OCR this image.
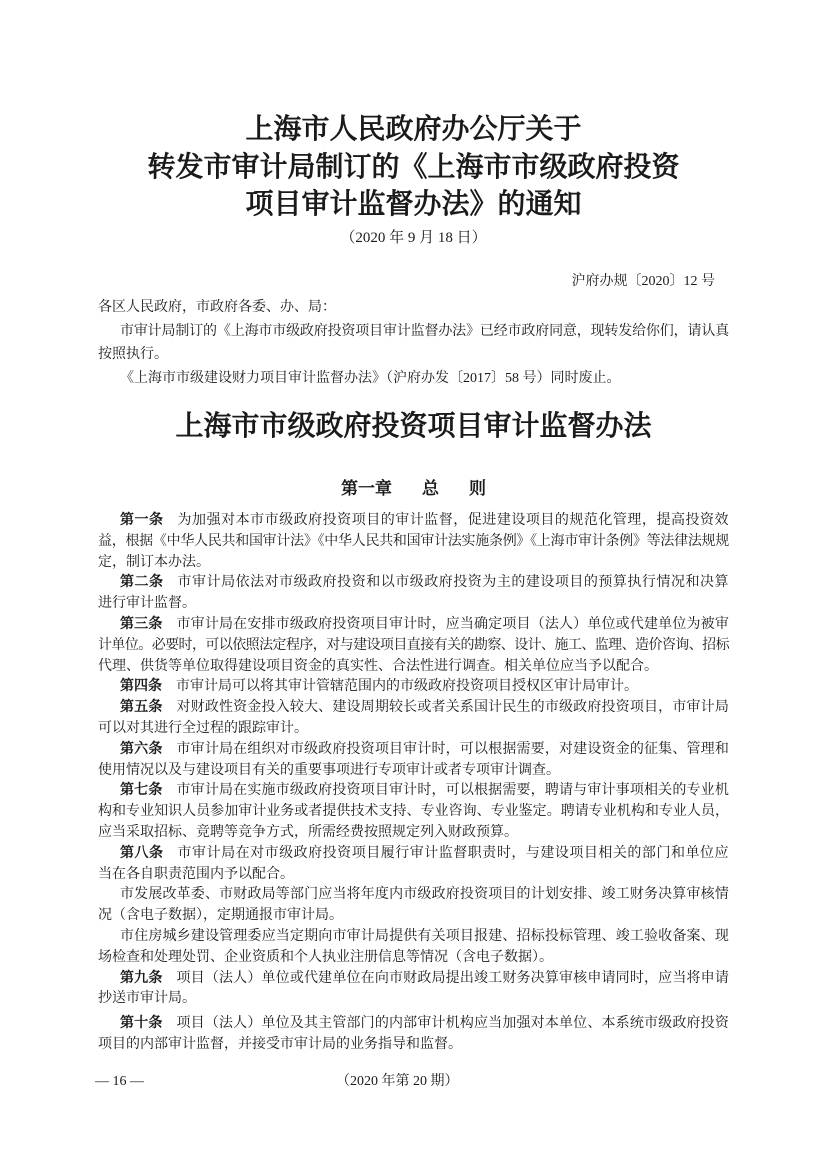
上海市人民政府办公厅关于
转发市审计局制订的《上海市市级政府投资
项目审计监督办法》的通知
（2020 年 9 月 18 日）
沪府办规〔2020〕12 号
各区人民政府，市政府各委、办、局：
市审计局制订的《上海市市级政府投资项目审计监督办法》已经市政府同意，现转发给你们，请认真
按照执行。
《上海市市级建设财力项目审计监督办法》（沪府办发〔2017〕58 号）同时废止。
上海市市级政府投资项目审计监督办法
第一章 总 则
第一条 为加强对本市市级政府投资项目的审计监督，促进建设项目的规范化管理，提高投资效
益，根据《中华人民共和国审计法》《中华人民共和国审计法实施条例》《上海市审计条例》等法律法规规
定，制订本办法。
第二条 市审计局依法对市级政府投资和以市级政府投资为主的建设项目的预算执行情况和决算
进行审计监督。
第三条 市审计局在安排市级政府投资项目审计时，应当确定项目（法人）单位或代建单位为被审
计单位。必要时，可以依照法定程序，对与建设项目直接有关的勘察、设计、施工、监理、造价咨询、招标
代理、供货等单位取得建设项目资金的真实性、合法性进行调查。相关单位应当予以配合。
第四条 市审计局可以将其审计管辖范围内的市级政府投资项目授权区审计局审计。
第五条 对财政性资金投入较大、建设周期较长或者关系国计民生的市级政府投资项目，市审计局
可以对其进行全过程的跟踪审计。
第六条 市审计局在组织对市级政府投资项目审计时，可以根据需要，对建设资金的征集、管理和
使用情况以及与建设项目有关的重要事项进行专项审计或者专项审计调查。
第七条 市审计局在实施市级政府投资项目审计时，可以根据需要，聘请与审计事项相关的专业机
构和专业知识人员参加审计业务或者提供技术支持、专业咨询、专业鉴定。聘请专业机构和专业人员，
应当采取招标、竞聘等竞争方式，所需经费按照规定列入财政预算。
第八条 市审计局在对市级政府投资项目履行审计监督职责时，与建设项目相关的部门和单位应
当在各自职责范围内予以配合。
市发展改革委、市财政局等部门应当将年度内市级政府投资项目的计划安排、竣工财务决算审核情
况（含电子数据），定期通报市审计局。
市住房城乡建设管理委应当定期向市审计局提供有关项目报建、招标投标管理、竣工验收备案、现
场检查和处理处罚、企业资质和个人执业注册信息等情况（含电子数据）。
第九条 项目（法人）单位或代建单位在向市财政局提出竣工财务决算审核申请同时，应当将申请
抄送市审计局。
第十条 项目（法人）单位及其主管部门的内部审计机构应当加强对本单位、本系统市级政府投资
项目的内部审计监督，并接受市审计局的业务指导和监督。
— 16 —	（2020 年第 20 期）
